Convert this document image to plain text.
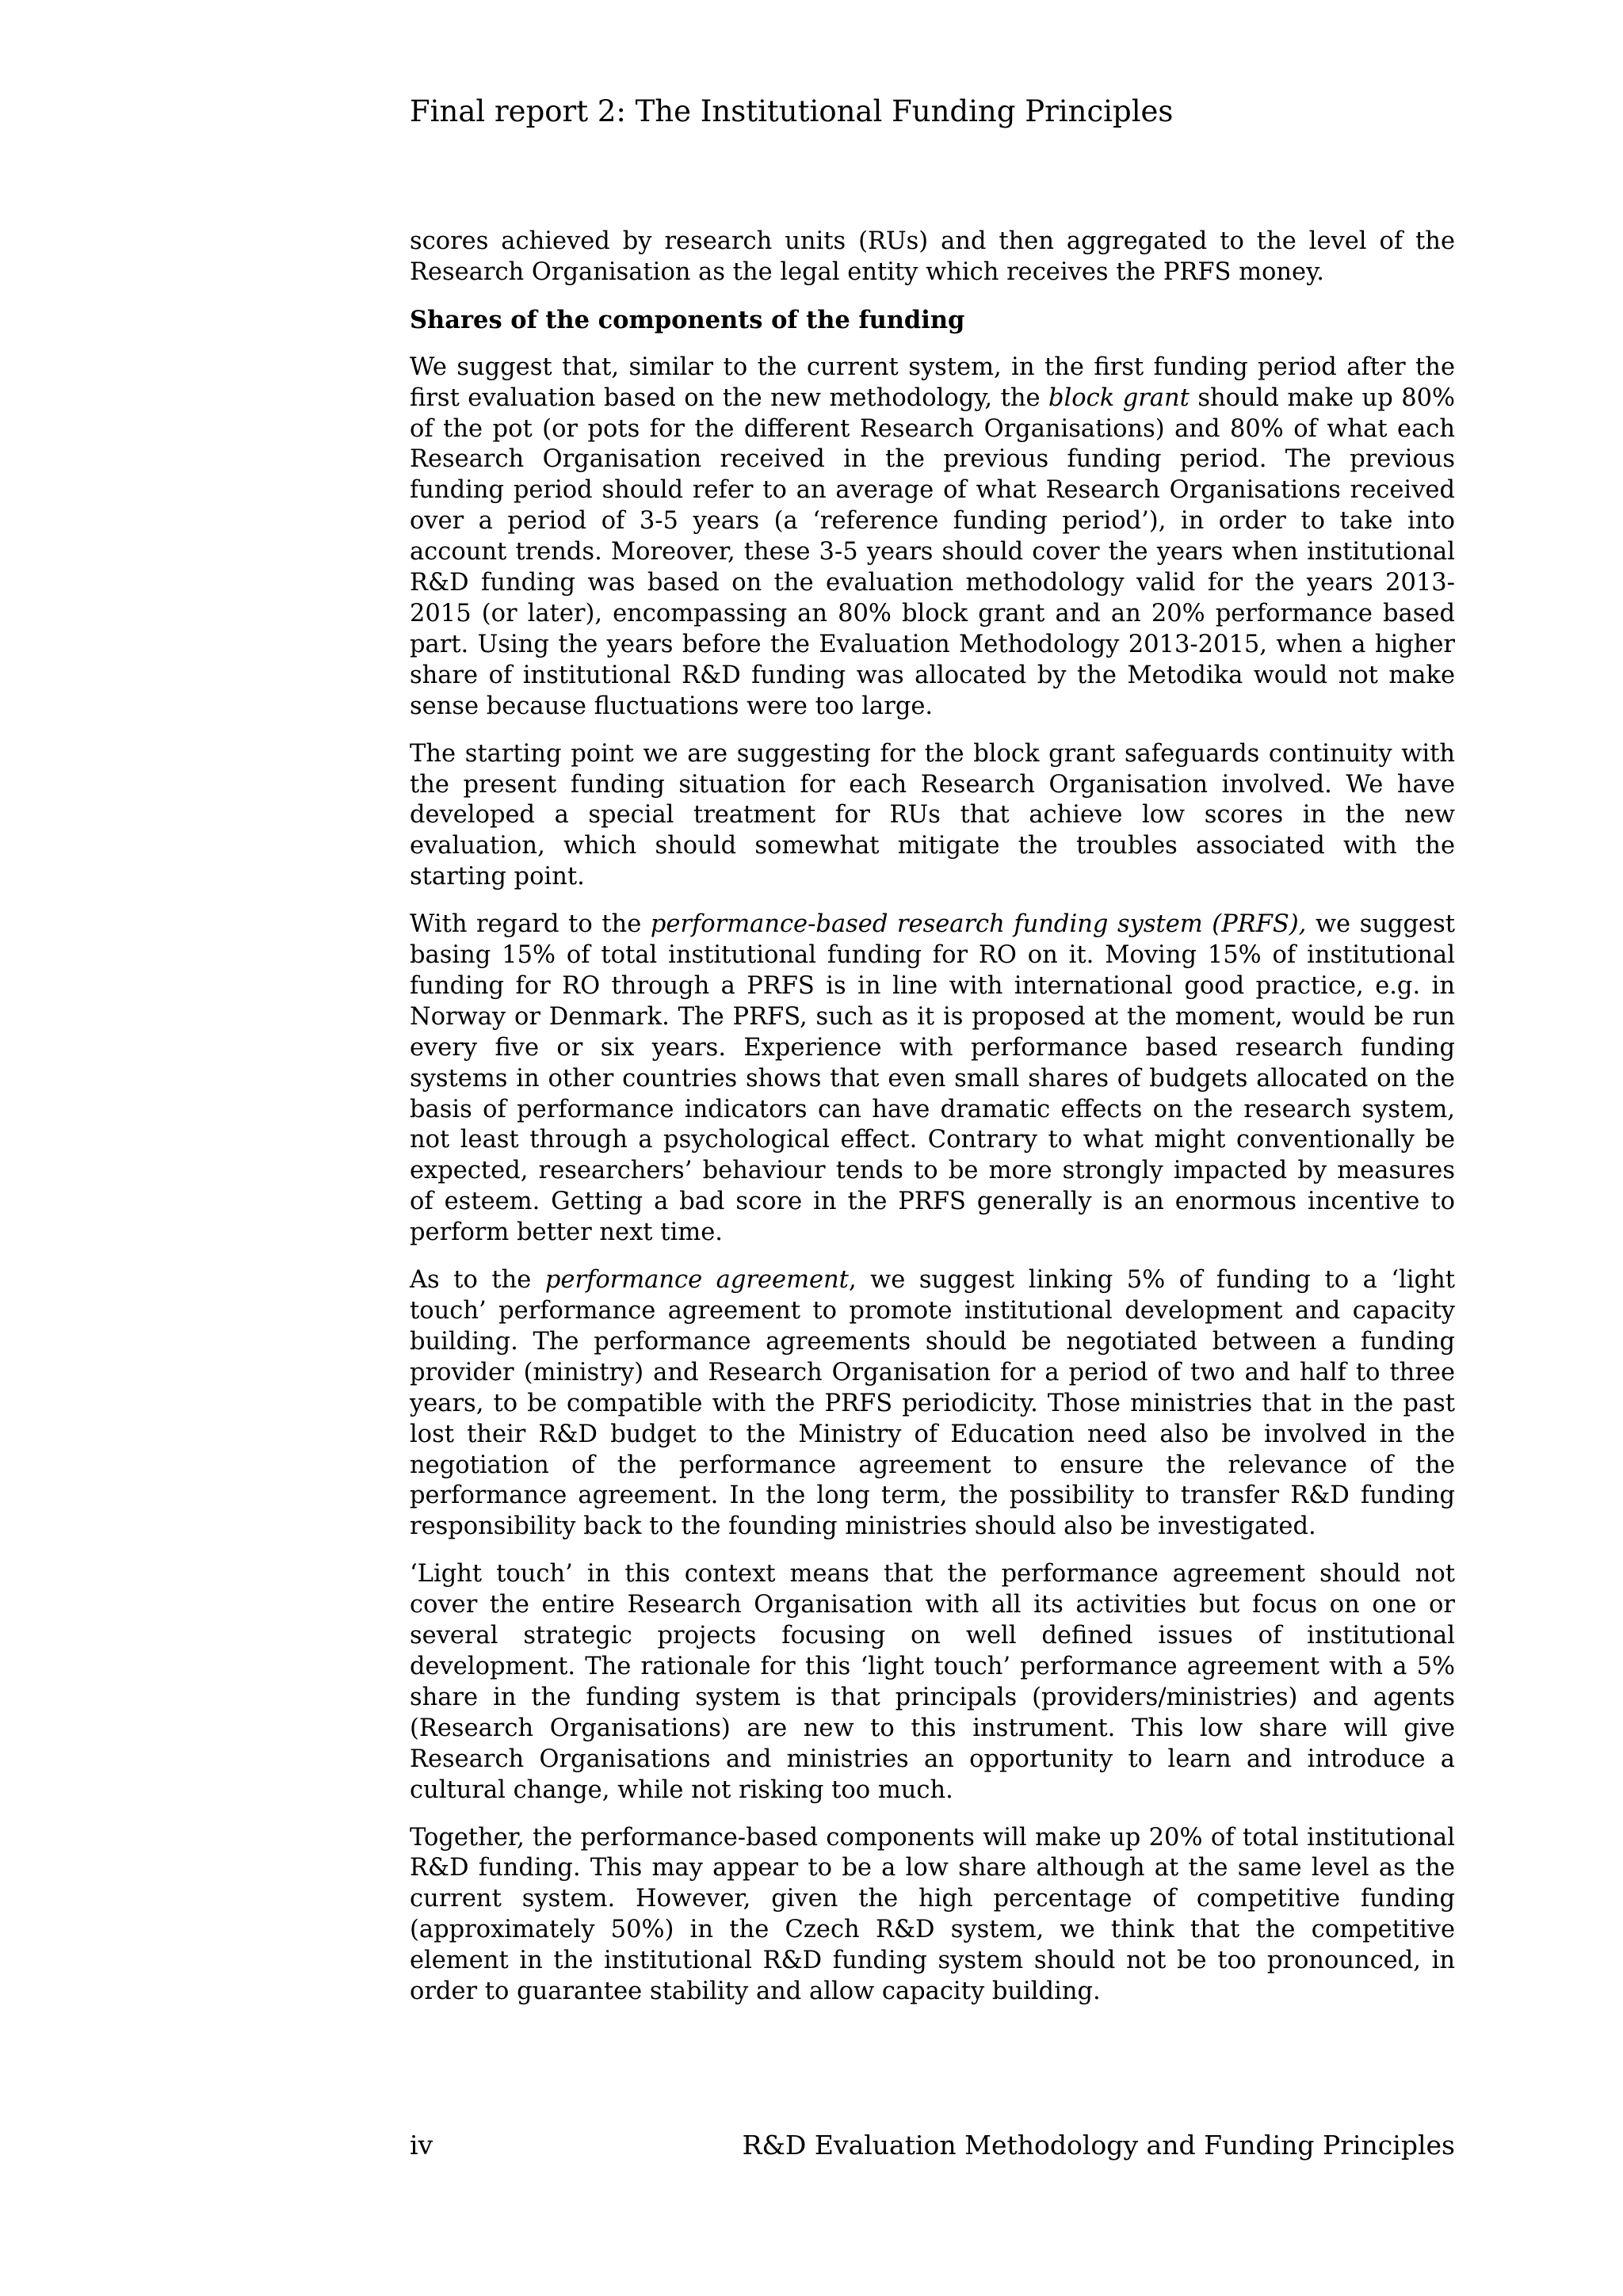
Final report 2: The Institutional Funding Principles

scores achieved by research units (RUs) and then aggregated to the level of the Research Organisation as the legal entity which receives the PRFS money.

Shares of the components of the funding

We suggest that, similar to the current system, in the first funding period after the first evaluation based on the new methodology, the block grant should make up 80% of the pot (or pots for the different Research Organisations) and 80% of what each Research Organisation received in the previous funding period. The previous funding period should refer to an average of what Research Organisations received over a period of 3-5 years (a ‘reference funding period’), in order to take into account trends. Moreover, these 3-5 years should cover the years when institutional R&D funding was based on the evaluation methodology valid for the years 2013-2015 (or later), encompassing an 80% block grant and an 20% performance based part. Using the years before the Evaluation Methodology 2013-2015, when a higher share of institutional R&D funding was allocated by the Metodika would not make sense because fluctuations were too large.

The starting point we are suggesting for the block grant safeguards continuity with the present funding situation for each Research Organisation involved. We have developed a special treatment for RUs that achieve low scores in the new evaluation, which should somewhat mitigate the troubles associated with the starting point.

With regard to the performance-based research funding system (PRFS), we suggest basing 15% of total institutional funding for RO on it. Moving 15% of institutional funding for RO through a PRFS is in line with international good practice, e.g. in Norway or Denmark. The PRFS, such as it is proposed at the moment, would be run every five or six years. Experience with performance based research funding systems in other countries shows that even small shares of budgets allocated on the basis of performance indicators can have dramatic effects on the research system, not least through a psychological effect. Contrary to what might conventionally be expected, researchers’ behaviour tends to be more strongly impacted by measures of esteem. Getting a bad score in the PRFS generally is an enormous incentive to perform better next time.

As to the performance agreement, we suggest linking 5% of funding to a ‘light touch’ performance agreement to promote institutional development and capacity building. The performance agreements should be negotiated between a funding provider (ministry) and Research Organisation for a period of two and half to three years, to be compatible with the PRFS periodicity. Those ministries that in the past lost their R&D budget to the Ministry of Education need also be involved in the negotiation of the performance agreement to ensure the relevance of the performance agreement. In the long term, the possibility to transfer R&D funding responsibility back to the founding ministries should also be investigated.

‘Light touch’ in this context means that the performance agreement should not cover the entire Research Organisation with all its activities but focus on one or several strategic projects focusing on well defined issues of institutional development. The rationale for this ‘light touch’ performance agreement with a 5% share in the funding system is that principals (providers/ministries) and agents (Research Organisations) are new to this instrument. This low share will give Research Organisations and ministries an opportunity to learn and introduce a cultural change, while not risking too much.

Together, the performance-based components will make up 20% of total institutional R&D funding. This may appear to be a low share although at the same level as the current system. However, given the high percentage of competitive funding (approximately 50%) in the Czech R&D system, we think that the competitive element in the institutional R&D funding system should not be too pronounced, in order to guarantee stability and allow capacity building.

iv	R&D Evaluation Methodology and Funding Principles
